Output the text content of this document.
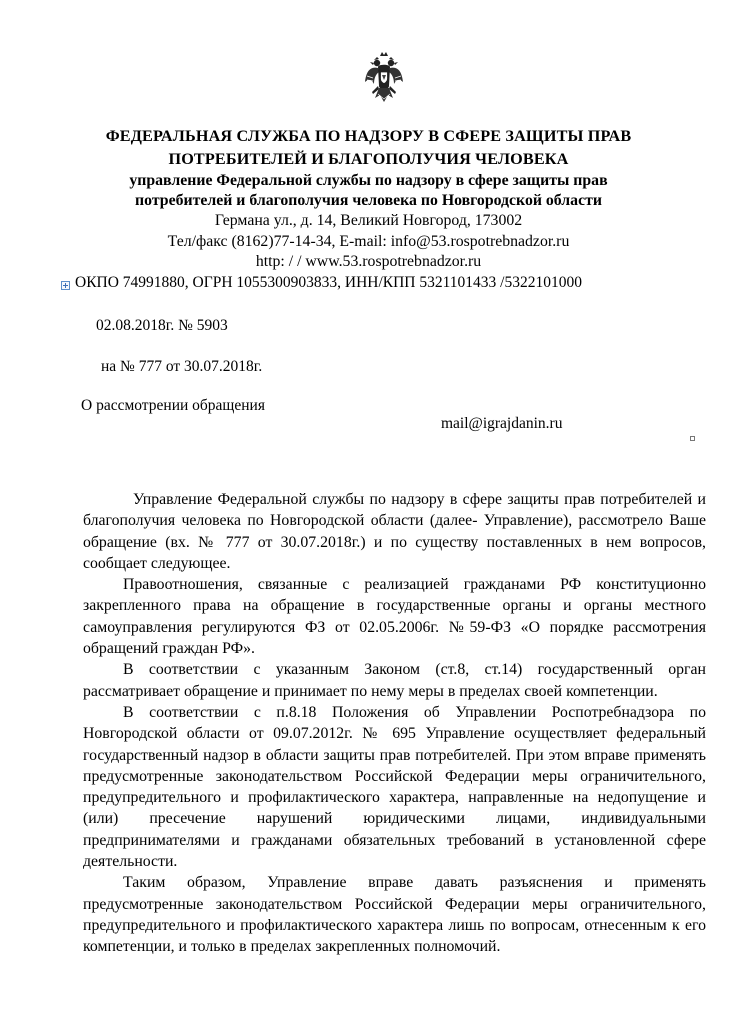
ФЕДЕРАЛЬНАЯ СЛУЖБА ПО НАДЗОРУ В СФЕРЕ ЗАЩИТЫ ПРАВ
ПОТРЕБИТЕЛЕЙ И БЛАГОПОЛУЧИЯ ЧЕЛОВЕКА
управление Федеральной службы по надзору в сфере защиты прав
потребителей и благополучия человека по Новгородской области
Германа ул., д. 14, Великий Новгород, 173002
Тел/факс (8162)77-14-34, E-mail: info@53.rospotrebnadzor.ru
http: / / www.53.rospotrebnadzor.ru
ОКПО 74991880, ОГРН 1055300903833, ИНН/КПП 5321101433 /5322101000
02.08.2018г. № 5903
на № 777 от 30.07.2018г.
О рассмотрении обращения
mail@igrajdanin.ru

Управление Федеральной службы по надзору в сфере защиты прав потребителей и благополучия человека по Новгородской области (далее- Управление), рассмотрело Ваше обращение (вх. № 777 от 30.07.2018г.) и по существу поставленных в нем вопросов, сообщает следующее.

Правоотношения, связанные с реализацией гражданами РФ конституционно закрепленного права на обращение в государственные органы и органы местного самоуправления регулируются ФЗ от 02.05.2006г. №59-ФЗ «О порядке рассмотрения обращений граждан РФ».

В соответствии с указанным Законом (ст.8, ст.14) государственный орган рассматривает обращение и принимает по нему меры в пределах своей компетенции.

В соответствии с п.8.18 Положения об Управлении Роспотребнадзора по Новгородской области от 09.07.2012г. № 695 Управление осуществляет федеральный государственный надзор в области защиты прав потребителей. При этом вправе применять предусмотренные законодательством Российской Федерации меры ограничительного, предупредительного и профилактического характера, направленные на недопущение и (или) пресечение нарушений юридическими лицами, индивидуальными предпринимателями и гражданами обязательных требований в установленной сфере деятельности.

Таким образом, Управление вправе давать разъяснения и применять предусмотренные законодательством Российской Федерации меры ограничительного, предупредительного и профилактического характера лишь по вопросам, отнесенным к его компетенции, и только в пределах закрепленных полномочий.
